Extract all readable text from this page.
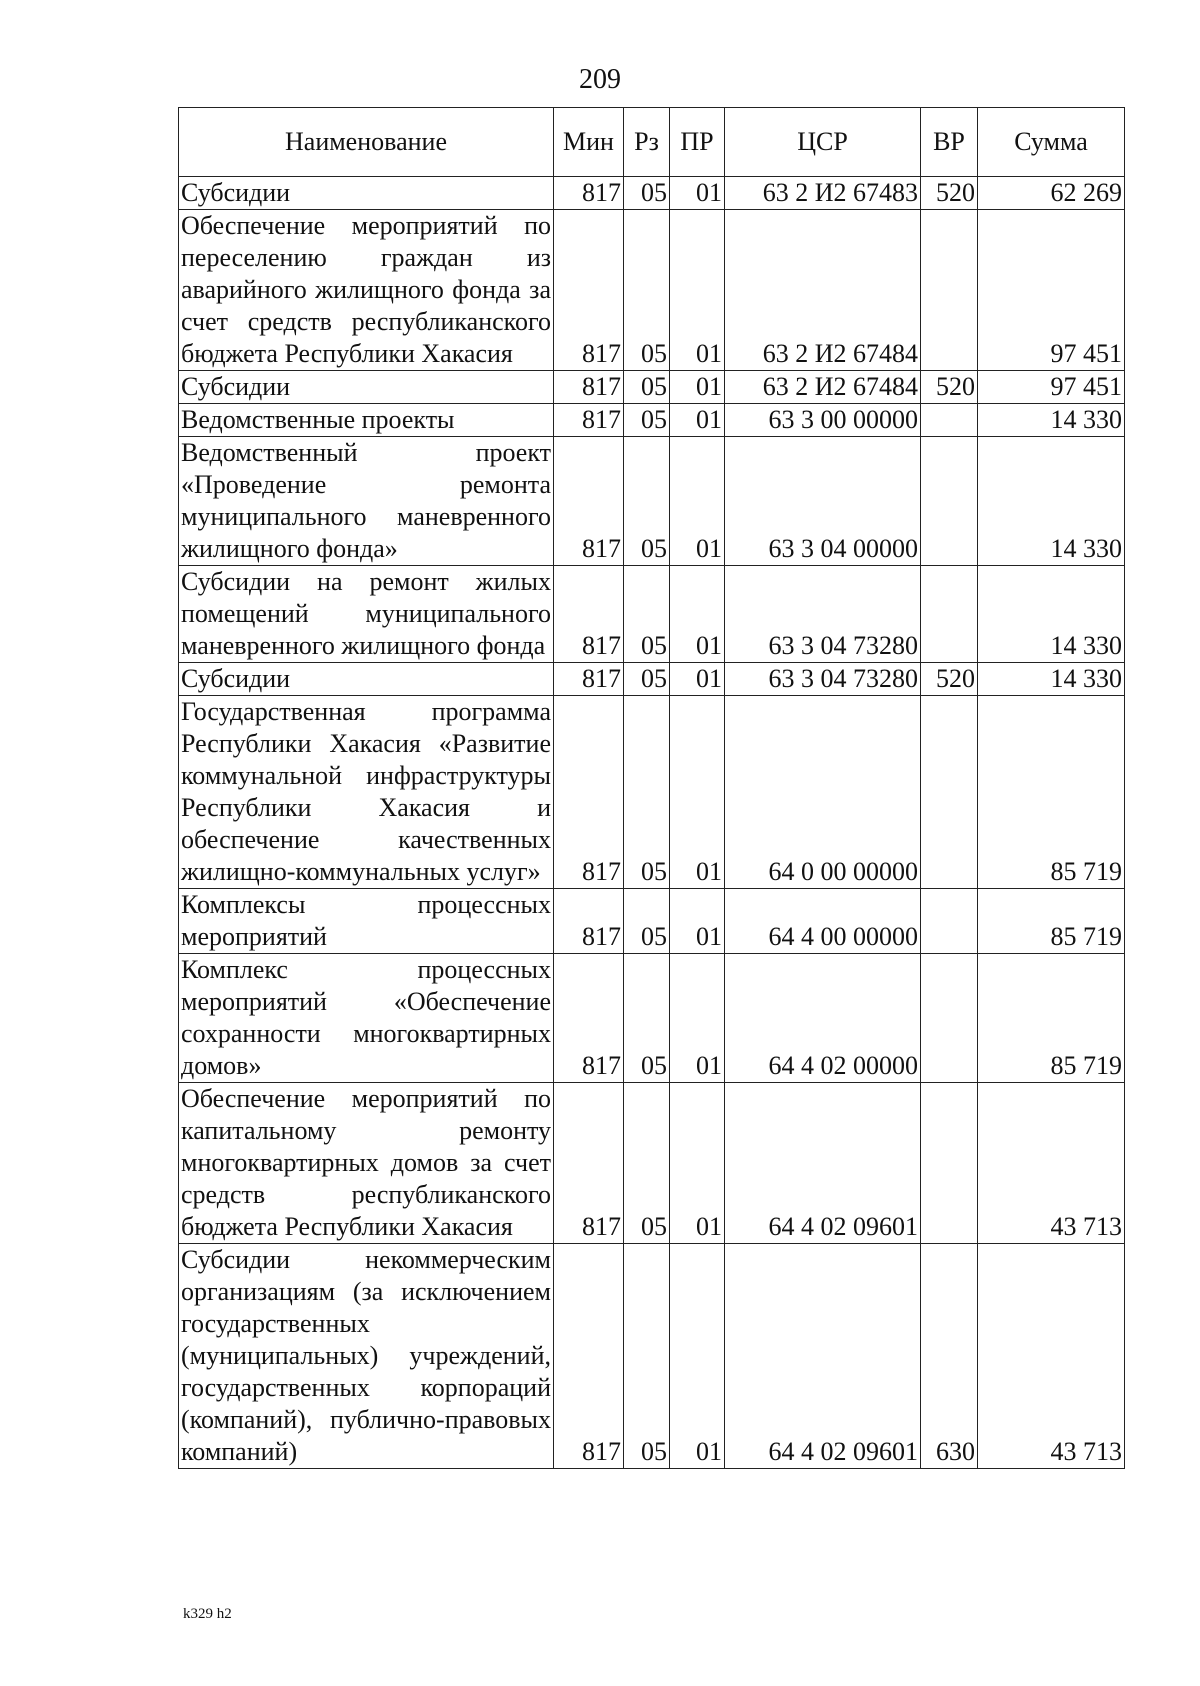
209
Наименование	Мин	Рз	ПР	ЦСР	ВР	Сумма
Субсидии	817	05	01	63 2 И2 67483	520	62 269
Обеспечение мероприятий по переселению граждан из аварийного жилищного фонда за счет средств республиканского бюджета Республики Хакасия	817	05	01	63 2 И2 67484		97 451
Субсидии	817	05	01	63 2 И2 67484	520	97 451
Ведомственные проекты	817	05	01	63 3 00 00000		14 330
Ведомственный проект «Проведение ремонта муниципального маневренного жилищного фонда»	817	05	01	63 3 04 00000		14 330
Субсидии на ремонт жилых помещений муниципального маневренного жилищного фонда	817	05	01	63 3 04 73280		14 330
Субсидии	817	05	01	63 3 04 73280	520	14 330
Государственная программа Республики Хакасия «Развитие коммунальной инфраструктуры Республики Хакасия и обеспечение качественных жилищно-коммунальных услуг»	817	05	01	64 0 00 00000		85 719
Комплексы процессных мероприятий	817	05	01	64 4 00 00000		85 719
Комплекс процессных мероприятий «Обеспечение сохранности многоквартирных домов»	817	05	01	64 4 02 00000		85 719
Обеспечение мероприятий по капитальному ремонту многоквартирных домов за счет средств республиканского бюджета Республики Хакасия	817	05	01	64 4 02 09601		43 713
Субсидии некоммерческим организациям (за исключением государственных (муниципальных) учреждений, государственных корпораций (компаний), публично-правовых компаний)	817	05	01	64 4 02 09601	630	43 713
k329 h2
